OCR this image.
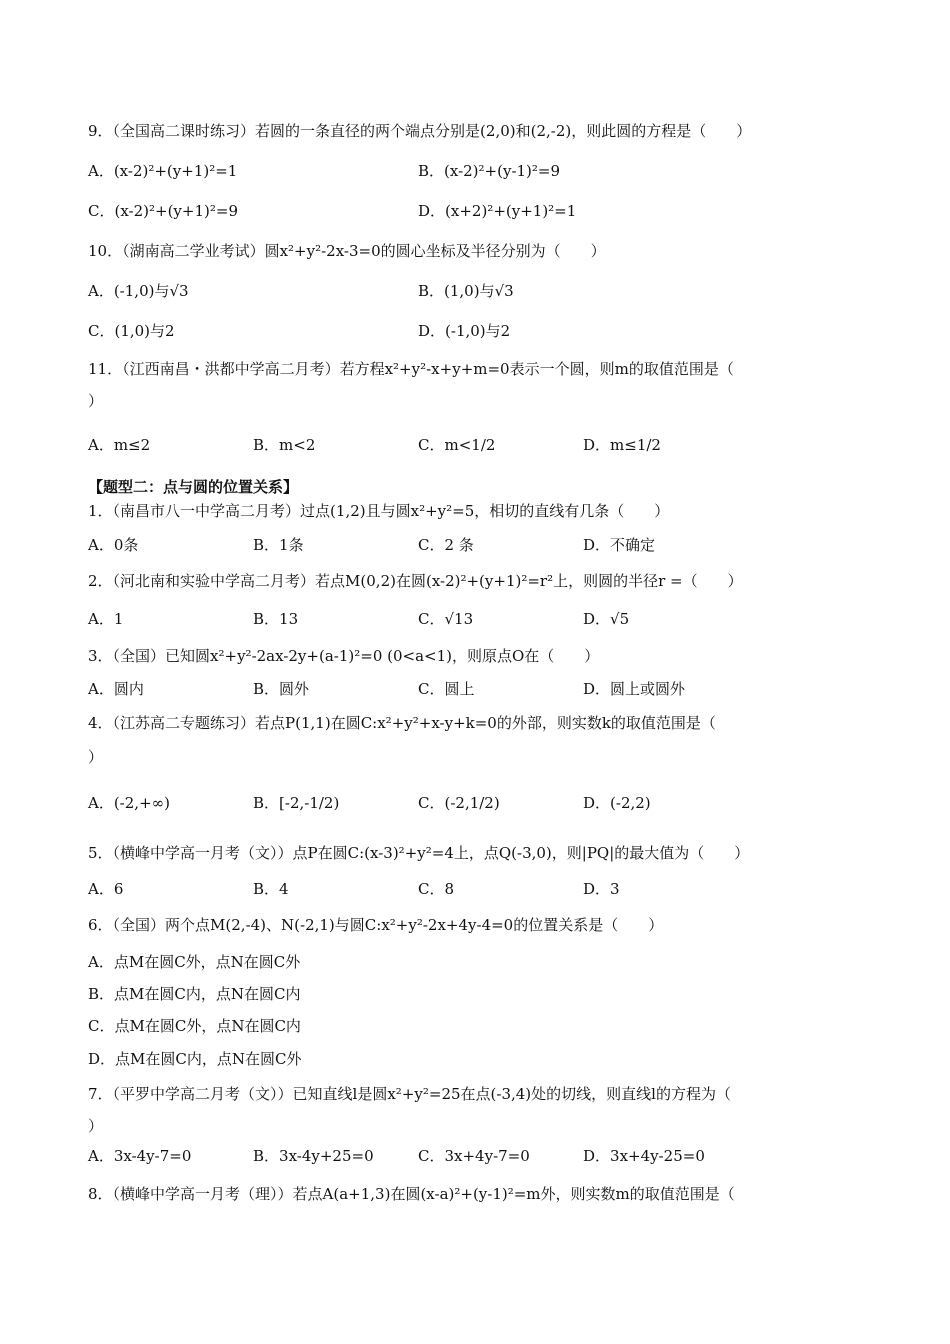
9．（全国高二课时练习）若圆的一条直径的两个端点分别是(2,0)和(2,-2)，则此圆的方程是（　　）
A．(x-2)²+(y+1)²=1	B．(x-2)²+(y-1)²=9
C．(x-2)²+(y+1)²=9	D．(x+2)²+(y+1)²=1
10．（湖南高二学业考试）圆x²+y²-2x-3=0的圆心坐标及半径分别为（　　）
A．(-1,0)与√3	B．(1,0)与√3
C．(1,0)与2	D．(-1,0)与2
11．（江西南昌・洪都中学高二月考）若方程x²+y²-x+y+m=0表示一个圆，则m的取值范围是（
）
A．m≤2	B．m<2	C．m<1/2	D．m≤1/2
【题型二：点与圆的位置关系】
1．（南昌市八一中学高二月考）过点(1,2)且与圆x²+y²=5，相切的直线有几条（　　）
A．0条	B．1条	C．2 条	D．不确定
2．（河北南和实验中学高二月考）若点M(0,2)在圆(x-2)²+(y+1)²=r²上，则圆的半径r =（　　）
A．1	B．13	C．√13	D．√5
3．（全国）已知圆x²+y²-2ax-2y+(a-1)²=0 (0<a<1)，则原点O在（　　）
A．圆内	B．圆外	C．圆上	D．圆上或圆外
4．（江苏高二专题练习）若点P(1,1)在圆C:x²+y²+x-y+k=0的外部，则实数k的取值范围是（
）
A．(-2,+∞)	B．[-2,-1/2)	C．(-2,1/2)	D．(-2,2)
5．（横峰中学高一月考（文））点P在圆C:(x-3)²+y²=4上，点Q(-3,0)，则|PQ|的最大值为（　　）
A．6	B．4	C．8	D．3
6．（全国）两个点M(2,-4)、N(-2,1)与圆C:x²+y²-2x+4y-4=0的位置关系是（　　）
A．点M在圆C外，点N在圆C外
B．点M在圆C内，点N在圆C内
C．点M在圆C外，点N在圆C内
D．点M在圆C内，点N在圆C外
7．（平罗中学高二月考（文））已知直线l是圆x²+y²=25在点(-3,4)处的切线，则直线l的方程为（
）
A．3x-4y-7=0	B．3x-4y+25=0	C．3x+4y-7=0	D．3x+4y-25=0
8．（横峰中学高一月考（理））若点A(a+1,3)在圆(x-a)²+(y-1)²=m外，则实数m的取值范围是（
